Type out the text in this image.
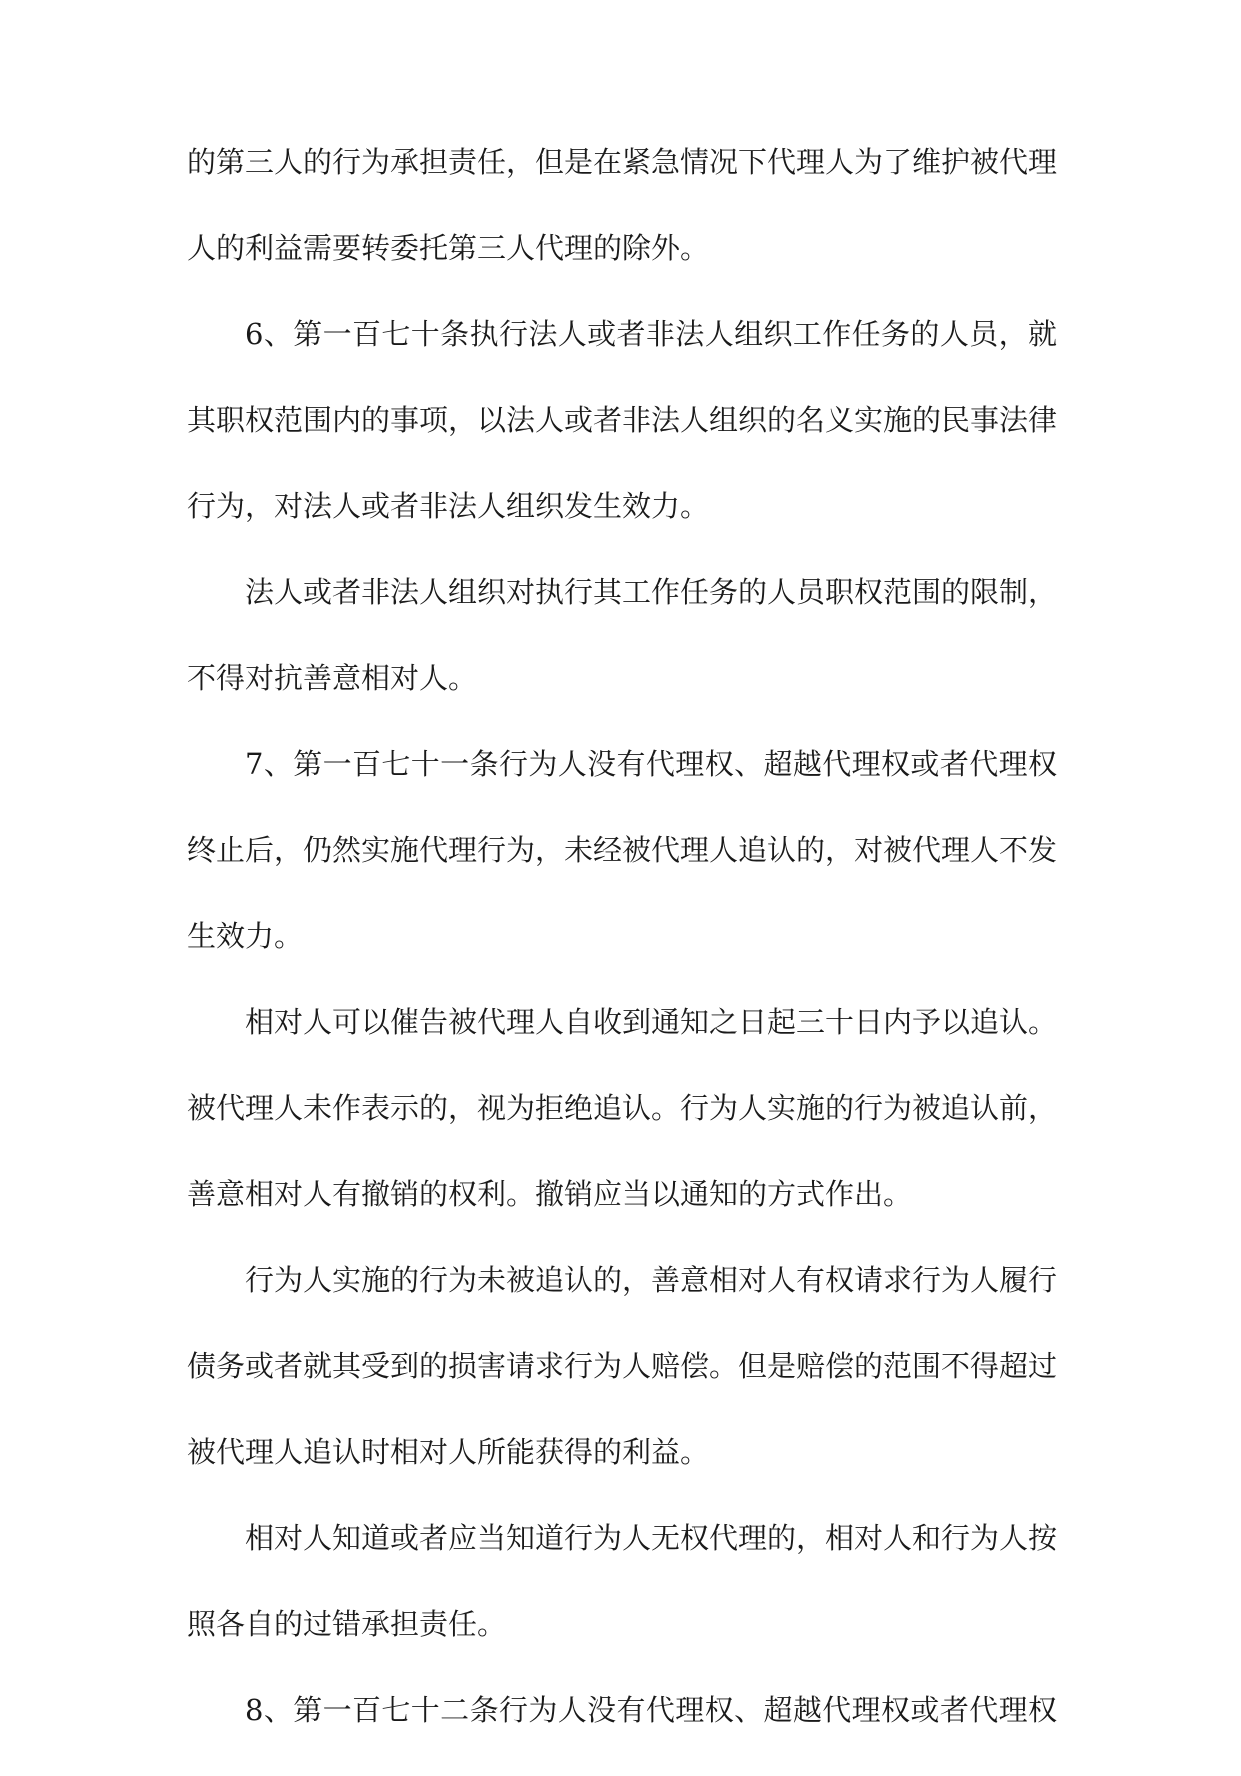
的第三人的行为承担责任，但是在紧急情况下代理人为了维护被代理
人的利益需要转委托第三人代理的除外。
6、第一百七十条执行法人或者非法人组织工作任务的人员，就
其职权范围内的事项，以法人或者非法人组织的名义实施的民事法律
行为，对法人或者非法人组织发生效力。
法人或者非法人组织对执行其工作任务的人员职权范围的限制，
不得对抗善意相对人。
7、第一百七十一条行为人没有代理权、超越代理权或者代理权
终止后，仍然实施代理行为，未经被代理人追认的，对被代理人不发
生效力。
相对人可以催告被代理人自收到通知之日起三十日内予以追认。
被代理人未作表示的，视为拒绝追认。行为人实施的行为被追认前，
善意相对人有撤销的权利。撤销应当以通知的方式作出。
行为人实施的行为未被追认的，善意相对人有权请求行为人履行
债务或者就其受到的损害请求行为人赔偿。但是赔偿的范围不得超过
被代理人追认时相对人所能获得的利益。
相对人知道或者应当知道行为人无权代理的，相对人和行为人按
照各自的过错承担责任。
8、第一百七十二条行为人没有代理权、超越代理权或者代理权
